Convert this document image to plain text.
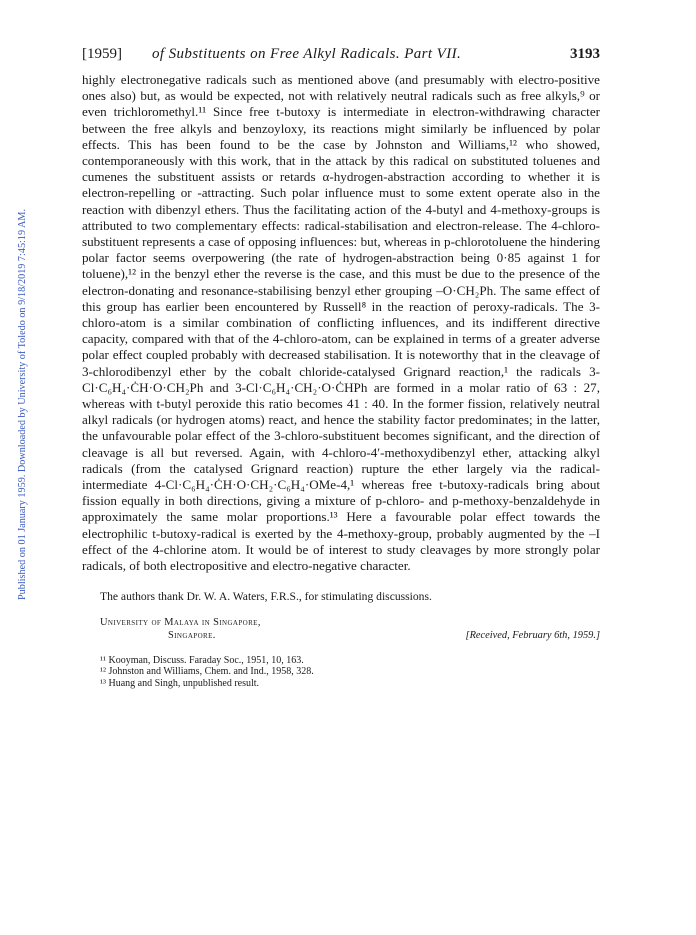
Published on 01 January 1959. Downloaded by University of Toledo on 9/18/2019 7:45:19 AM.
[1959] of Substituents on Free Alkyl Radicals. Part VII.	3193

highly electronegative radicals such as mentioned above (and presumably with electro-positive ones also) but, as would be expected, not with relatively neutral radicals such as free alkyls,⁹ or even trichloromethyl.¹¹ Since free t-butoxy is intermediate in electron-withdrawing character between the free alkyls and benzoyloxy, its reactions might similarly be influenced by polar effects. This has been found to be the case by Johnston and Williams,¹² who showed, contemporaneously with this work, that in the attack by this radical on substituted toluenes and cumenes the substituent assists or retards α-hydrogen-abstraction according to whether it is electron-repelling or -attracting. Such polar influence must to some extent operate also in the reaction with dibenzyl ethers. Thus the facilitating action of the 4-butyl and 4-methoxy-groups is attributed to two complementary effects: radical-stabilisation and electron-release. The 4-chloro-substituent represents a case of opposing influences: but, whereas in p-chlorotoluene the hindering polar factor seems overpowering (the rate of hydrogen-abstraction being 0·85 against 1 for toluene),¹² in the benzyl ether the reverse is the case, and this must be due to the presence of the electron-donating and resonance-stabilising benzyl ether grouping –O·CH₂Ph. The same effect of this group has earlier been encountered by Russell⁸ in the reaction of peroxy-radicals. The 3-chloro-atom is a similar combination of conflicting influences, and its indifferent directive capacity, compared with that of the 4-chloro-atom, can be explained in terms of a greater adverse polar effect coupled probably with decreased stabilisation. It is noteworthy that in the cleavage of 3-chlorodibenzyl ether by the cobalt chloride-catalysed Grignard reaction,¹ the radicals 3-Cl·C₆H₄·ĊH·O·CH₂Ph and 3-Cl·C₆H₄·CH₂·O·ĊHPh are formed in a molar ratio of 63 : 27, whereas with t-butyl peroxide this ratio becomes 41 : 40. In the former fission, relatively neutral alkyl radicals (or hydrogen atoms) react, and hence the stability factor predominates; in the latter, the unfavourable polar effect of the 3-chloro-substituent becomes significant, and the direction of cleavage is all but reversed. Again, with 4-chloro-4′-methoxydibenzyl ether, attacking alkyl radicals (from the catalysed Grignard reaction) rupture the ether largely via the radical-intermediate 4-Cl·C₆H₄·ĊH·O·CH₂·C₆H₄·OMe-4,¹ whereas free t-butoxy-radicals bring about fission equally in both directions, giving a mixture of p-chloro- and p-methoxy-benzaldehyde in approximately the same molar proportions.¹³ Here a favourable polar effect towards the electrophilic t-butoxy-radical is exerted by the 4-methoxy-group, probably augmented by the –I effect of the 4-chlorine atom. It would be of interest to study cleavages by more strongly polar radicals, of both electropositive and electro-negative character.

The authors thank Dr. W. A. Waters, F.R.S., for stimulating discussions.
University of Malaya in Singapore,
Singapore.	[Received, February 6th, 1959.]
¹¹ Kooyman, Discuss. Faraday Soc., 1951, 10, 163.
¹² Johnston and Williams, Chem. and Ind., 1958, 328.
¹³ Huang and Singh, unpublished result.
